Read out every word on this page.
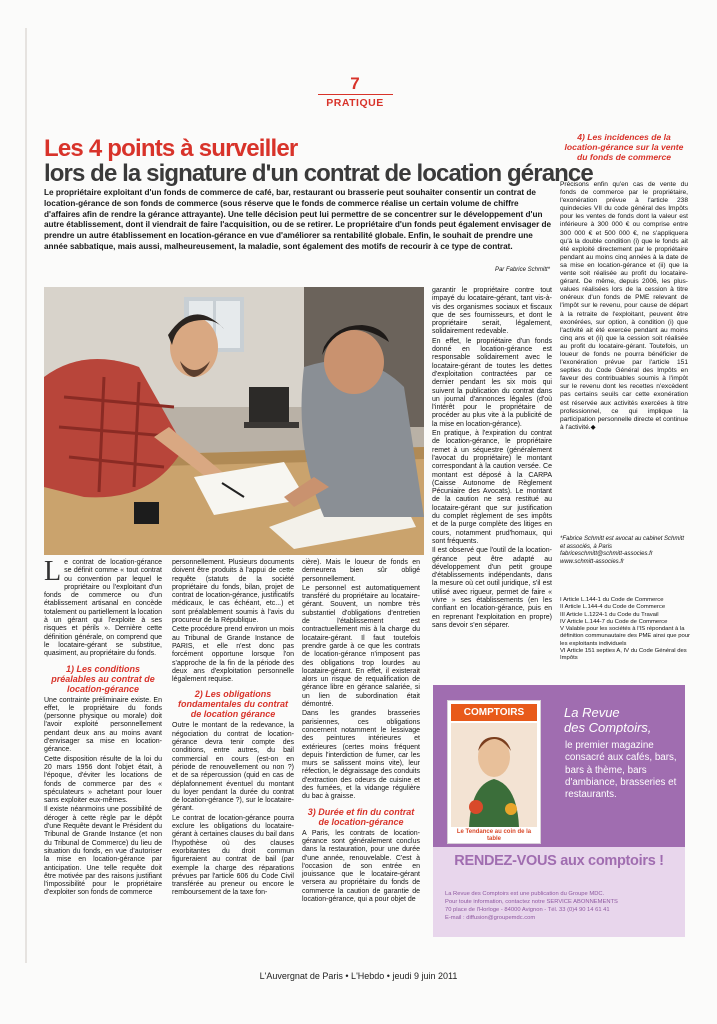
7
PRATIQUE
Les 4 points à surveiller
lors de la signature d'un contrat de location gérance

Le propriétaire exploitant d'un fonds de commerce de café, bar, restaurant ou brasserie peut souhaiter consentir un contrat de location-gérance de son fonds de commerce (sous réserve que le fonds de commerce réalise un certain volume de chiffre d'affaires afin de rendre la gérance attrayante). Une telle décision peut lui permettre de se concentrer sur le développement d'un autre établissement, dont il viendrait de faire l'acquisition, ou de se retirer. Le propriétaire d'un fonds peut également envisager de prendre un autre établissement en location-gérance en vue d'améliorer sa rentabilité globale. Enfin, le souhait de prendre une année sabbatique, mais aussi, malheureusement, la maladie, sont également des motifs de recourir à ce type de contrat.

Par Fabrice Schmitt*

Le contrat de location-gérance se définit comme « tout contrat ou convention par lequel le propriétaire ou l'exploitant d'un fonds de commerce ou d'un établissement artisanal en concède totalement ou partiellement la location à un gérant qui l'exploite à ses risques et périls ». Dernière cette définition générale, on comprend que le locataire-gérant se substitue, quasiment, au propriétaire du fonds.

1) Les conditions préalables au contrat de location-gérance

Une contrainte préliminaire existe. En effet, le propriétaire du fonds (personne physique ou morale) doit l'avoir exploité personnellement pendant deux ans au moins avant d'envisager sa mise en location-gérance.

Cette disposition résulte de la loi du 20 mars 1956 dont l'objet était, à l'époque, d'éviter les locations de fonds de commerce par des « spéculateurs » achetant pour louer sans exploiter eux-mêmes.

Il existe néanmoins une possibilité de déroger à cette règle par le dépôt d'une Requête devant le Président du Tribunal de Grande Instance (et non du Tribunal de Commerce) du lieu de situation du fonds, en vue d'autoriser la mise en location-gérance par anticipation. Une telle requête doit être motivée par des raisons justifiant l'impossibilité pour le propriétaire d'exploiter son fonds de commerce

personnellement. Plusieurs documents doivent être produits à l'appui de cette requête (statuts de la société propriétaire du fonds, bilan, projet de contrat de location-gérance, justificatifs médicaux, le cas échéant, etc...) et sont préalablement soumis à l'avis du procureur de la République.

Cette procédure prend environ un mois au Tribunal de Grande Instance de PARIS, et elle n'est donc pas forcément opportune lorsque l'on s'approche de la fin de la période des deux ans d'exploitation personnelle légalement requise.

2) Les obligations fondamentales du contrat de location gérance

Outre le montant de la redevance, la négociation du contrat de location-gérance devra tenir compte des conditions, entre autres, du bail commercial en cours (est-on en période de renouvellement ou non ?) et de sa répercussion (quid en cas de déplafonnement éventuel du montant du loyer pendant la durée du contrat de location-gérance ?), sur le locataire-gérant.

Le contrat de location-gérance pourra exclure les obligations du locataire-gérant à certaines clauses du bail dans l'hypothèse où des clauses exorbitantes du droit commun figureraient au contrat de bail (par exemple la charge des réparations prévues par l'article 606 du Code Civil transférée au preneur ou encore le remboursement de la taxe fon-

cière). Mais le loueur de fonds en demeurera bien sûr obligé personnellement.

Le personnel est automatiquement transféré du propriétaire au locataire-gérant. Souvent, un nombre très substantiel d'obligations d'entretien de l'établissement est contractuellement mis à la charge du locataire-gérant. Il faut toutefois prendre garde à ce que les contrats de location-gérance n'imposent pas des obligations trop lourdes au locataire-gérant. En effet, il existerait alors un risque de requalification de gérance libre en gérance salariée, si un lien de subordination était démontré.

Dans les grandes brasseries parisiennes, ces obligations concernent notamment le lessivage des peintures intérieures et extérieures (certes moins fréquent depuis l'interdiction de fumer, car les murs se salissent moins vite), leur réfection, le dégraissage des conduits d'extraction des odeurs de cuisine et des fumées, et la vidange régulière du bac à graisse.

3) Durée et fin du contrat de location-gérance

A Paris, les contrats de location-gérance sont généralement conclus dans la restauration, pour une durée d'une année, renouvelable. C'est à l'occasion de son entrée en jouissance que le locataire-gérant versera au propriétaire du fonds de commerce la caution de garantie de location-gérance, qui a pour objet de

garantir le propriétaire contre tout impayé du locataire-gérant, tant vis-à-vis des organismes sociaux et fiscaux que de ses fournisseurs, et dont le propriétaire serait, légalement, solidairement redevable.

En effet, le propriétaire d'un fonds donné en location-gérance est responsable solidairement avec le locataire-gérant de toutes les dettes d'exploitation contractées par ce dernier pendant les six mois qui suivent la publication du contrat dans un journal d'annonces légales (d'où l'intérêt pour le propriétaire de procéder au plus vite à la publicité de la mise en location-gérance).

En pratique, à l'expiration du contrat de location-gérance, le propriétaire remet à un séquestre (généralement l'avocat du propriétaire) le montant correspondant à la caution versée. Ce montant est déposé à la CARPA (Caisse Autonome de Règlement Pécuniaire des Avocats). Le montant de la caution ne sera restitué au locataire-gérant que sur justification du complet règlement de ses impôts et de la purge complète des litiges en cours, notamment prud'homaux, qui sont fréquents.

Il est observé que l'outil de la location-gérance peut être adapté au développement d'un petit groupe d'établissements indépendants, dans la mesure où cet outil juridique, s'il est utilisé avec rigueur, permet de faire « vivre » ses établissements (en les confiant en location-gérance, puis en en reprenant l'exploitation en propre) sans devoir s'en séparer.

4) Les incidences de la location-gérance sur la vente du fonds de commerce

Précisons enfin qu'en cas de vente du fonds de commerce par le propriétaire, l'exonération prévue à l'article 238 quindecies VII du code général des Impôts pour les ventes de fonds dont la valeur est inférieure à 300 000 € ou comprise entre 300 000 € et 500 000 €, ne s'appliquera qu'à la double condition (i) que le fonds ait été exploité directement par le propriétaire pendant au moins cinq années à la date de sa mise en location-gérance et (ii) que la vente soit réalisée au profit du locataire-gérant. De même, depuis 2006, les plus-values réalisées lors de la cession à titre onéreux d'un fonds de PME relevant de l'impôt sur le revenu, pour cause de départ à la retraite de l'exploitant, peuvent être exonérées, sur option, à condition (i) que l'activité ait été exercée pendant au moins cinq ans et (ii) que la cession soit réalisée au profit du locataire-gérant. Toutefois, un loueur de fonds ne pourra bénéficier de l'exonération prévue par l'article 151 septies du Code Général des Impôts en faveur des contribuables soumis à l'impôt sur le revenu dont les recettes n'excèdent pas certains seuils car cette exonération est réservée aux activités exercées à titre professionnel, ce qui implique la participation personnelle directe et continue à l'activité.◆

*Fabrice Schmitt est avocat au cabinet Schmitt et associés, à Paris

fabriceschmitt@schmitt-associes.fr

www.schmitt-associes.fr

I Article L.144-1 du Code de Commerce

II Article L.144-4 du Code de Commerce

III Article L.1224-1 du Code du Travail

IV Article L.144-7 du Code de Commerce

V Valable pour les sociétés à l'IS répondant à la définition communautaire des PME ainsi que pour les exploitants individuels

VI Article 151 septies A, IV du Code Général des Impôts

COMPTOIRS
Le Tendance au coin de la table
La Revue
des Comptoirs,
le premier magazine consacré aux cafés, bars, bars à thème, bars d'ambiance, brasseries et restaurants.
RENDEZ-VOUS aux comptoirs !

La Revue des Comptoirs est une publication du Groupe MDC.

Pour toute information, contactez notre SERVICE ABONNEMENTS

70 place de l'Horloge - 84000 Avignon - Tél. 33 (0)4 90 14 61 41

E-mail : diffusion@groupemdc.com

L'Auvergnat de Paris • L'Hebdo • jeudi 9 juin 2011
